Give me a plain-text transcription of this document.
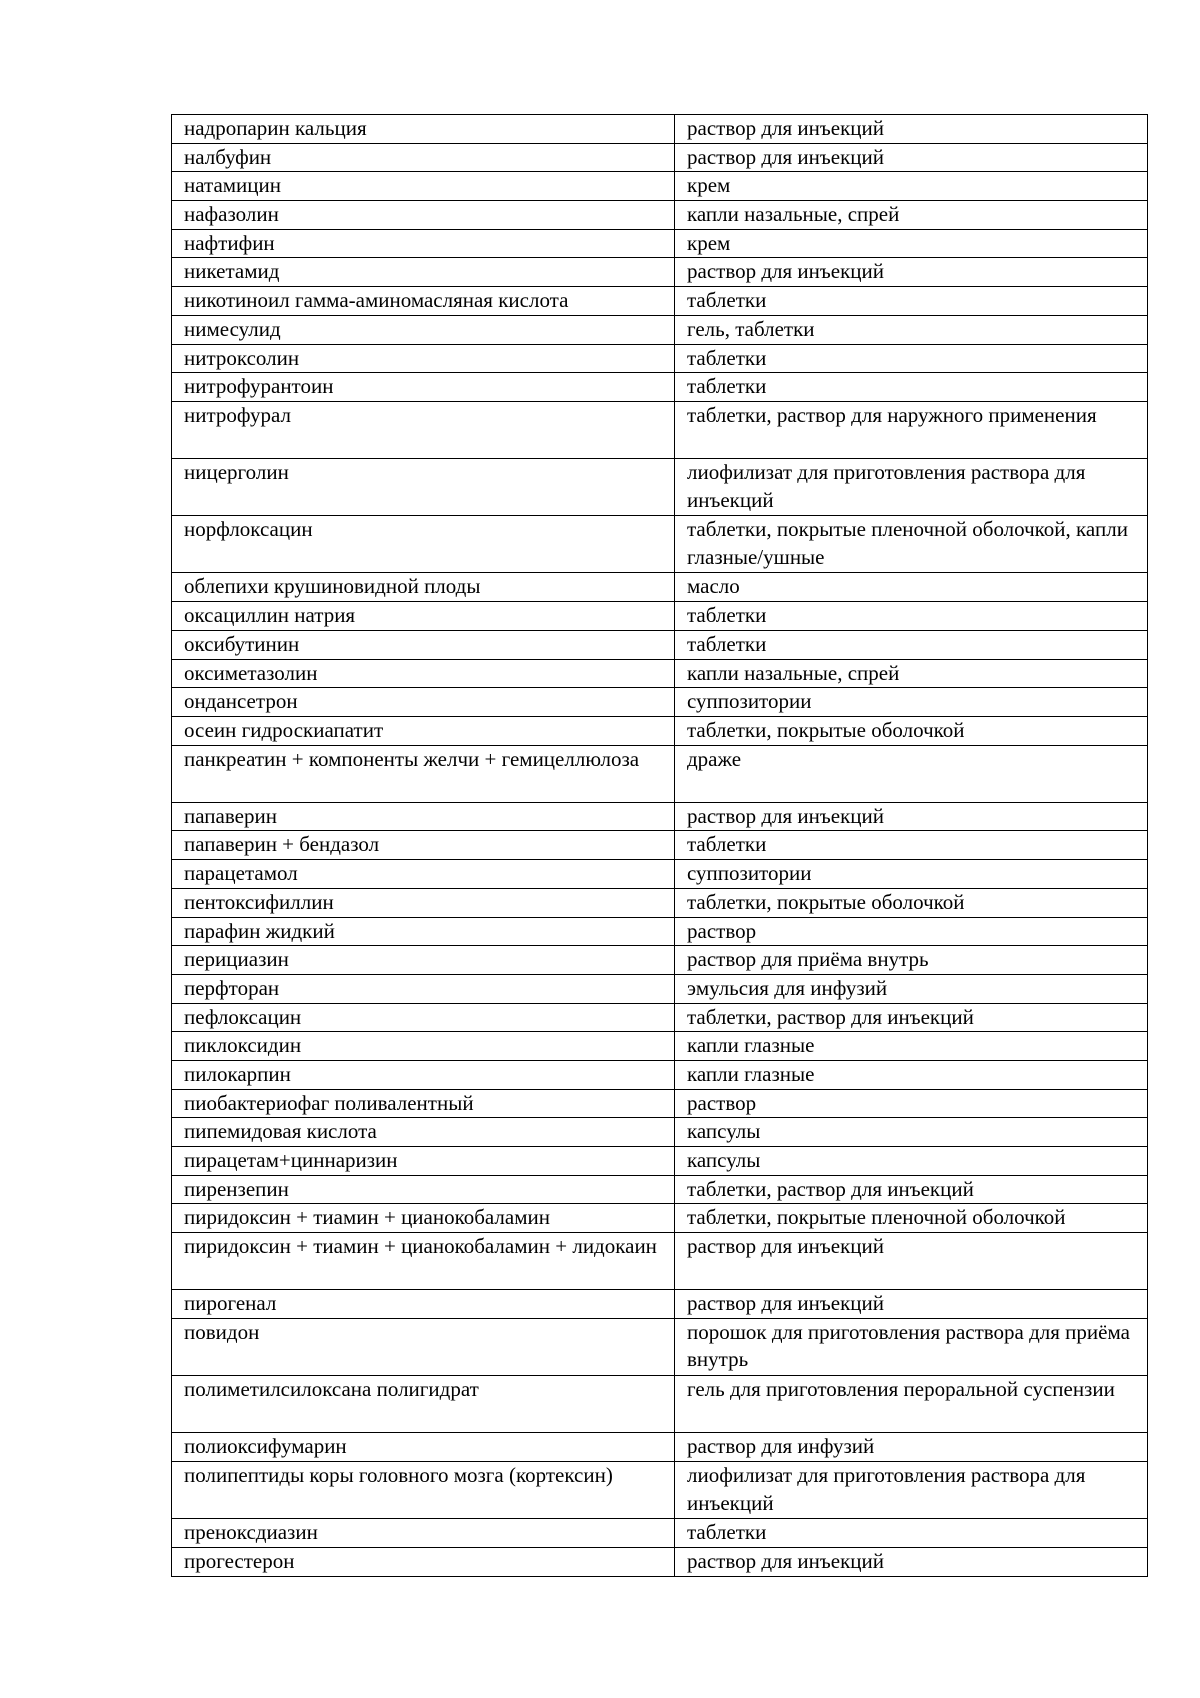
надропарин кальция	раствор для инъекций
налбуфин	раствор для инъекций
натамицин	крем
нафазолин	капли назальные, спрей
нафтифин	крем
никетамид	раствор для инъекций
никотиноил гамма-аминомасляная кислота	таблетки
нимесулид	гель, таблетки
нитроксолин	таблетки
нитрофурантоин	таблетки
нитрофурал	таблетки, раствор для наружного применения
ницерголин	лиофилизат для приготовления раствора для инъекций
норфлоксацин	таблетки, покрытые пленочной оболочкой, капли глазные/ушные
облепихи крушиновидной плоды	масло
оксациллин натрия	таблетки
оксибутинин	таблетки
оксиметазолин	капли назальные, спрей
ондансетрон	суппозитории
осеин гидроскиапатит	таблетки, покрытые оболочкой
панкреатин + компоненты желчи + гемицеллюлоза	драже
папаверин	раствор для инъекций
папаверин + бендазол	таблетки
парацетамол	суппозитории
пентоксифиллин	таблетки, покрытые оболочкой
парафин жидкий	раствор
перициазин	раствор для приёма внутрь
перфторан	эмульсия для инфузий
пефлоксацин	таблетки, раствор для инъекций
пиклоксидин	капли глазные
пилокарпин	капли глазные
пиобактериофаг поливалентный	раствор
пипемидовая кислота	капсулы
пирацетам+циннаризин	капсулы
пирензепин	таблетки, раствор для инъекций
пиридоксин + тиамин + цианокобаламин	таблетки, покрытые пленочной оболочкой
пиридоксин + тиамин + цианокобаламин + лидокаин	раствор для инъекций
пирогенал	раствор для инъекций
повидон	порошок для приготовления раствора для приёма внутрь
полиметилсилоксана полигидрат	гель для приготовления пероральной суспензии
полиоксифумарин	раствор для инфузий
полипептиды коры головного мозга (кортексин)	лиофилизат для приготовления раствора для инъекций
преноксдиазин	таблетки
прогестерон	раствор для инъекций
